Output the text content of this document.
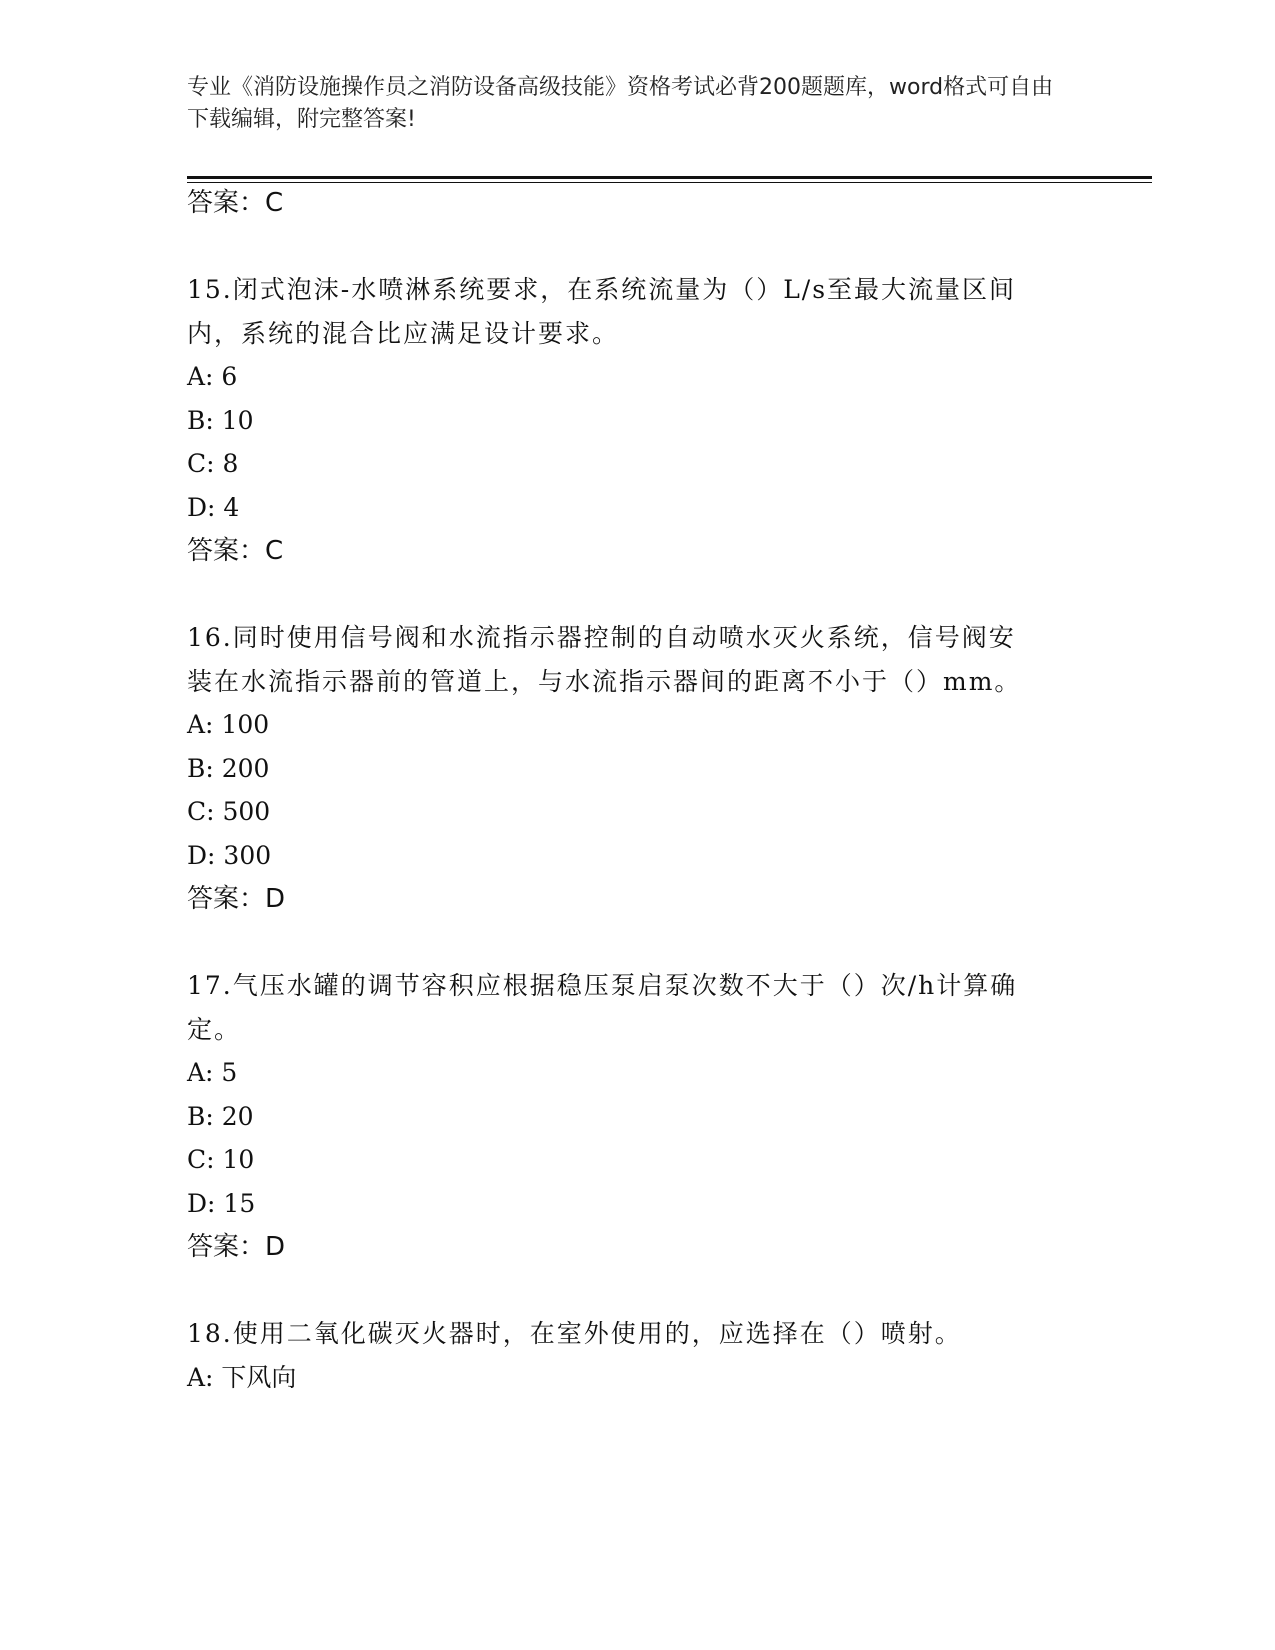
专业《消防设施操作员之消防设备高级技能》资格考试必背200题题库，word格式可自由下载编辑，附完整答案!
答案：C
15.闭式泡沫-水喷淋系统要求，在系统流量为（）L/s至最大流量区间
内，系统的混合比应满足设计要求。
A: 6
B: 10
C: 8
D: 4
答案：C
16.同时使用信号阀和水流指示器控制的自动喷水灭火系统，信号阀安
装在水流指示器前的管道上，与水流指示器间的距离不小于（）mm。
A: 100
B: 200
C: 500
D: 300
答案：D
17.气压水罐的调节容积应根据稳压泵启泵次数不大于（）次/h计算确
定。
A: 5
B: 20
C: 10
D: 15
答案：D
18.使用二氧化碳灭火器时，在室外使用的，应选择在（）喷射。
A: 下风向
